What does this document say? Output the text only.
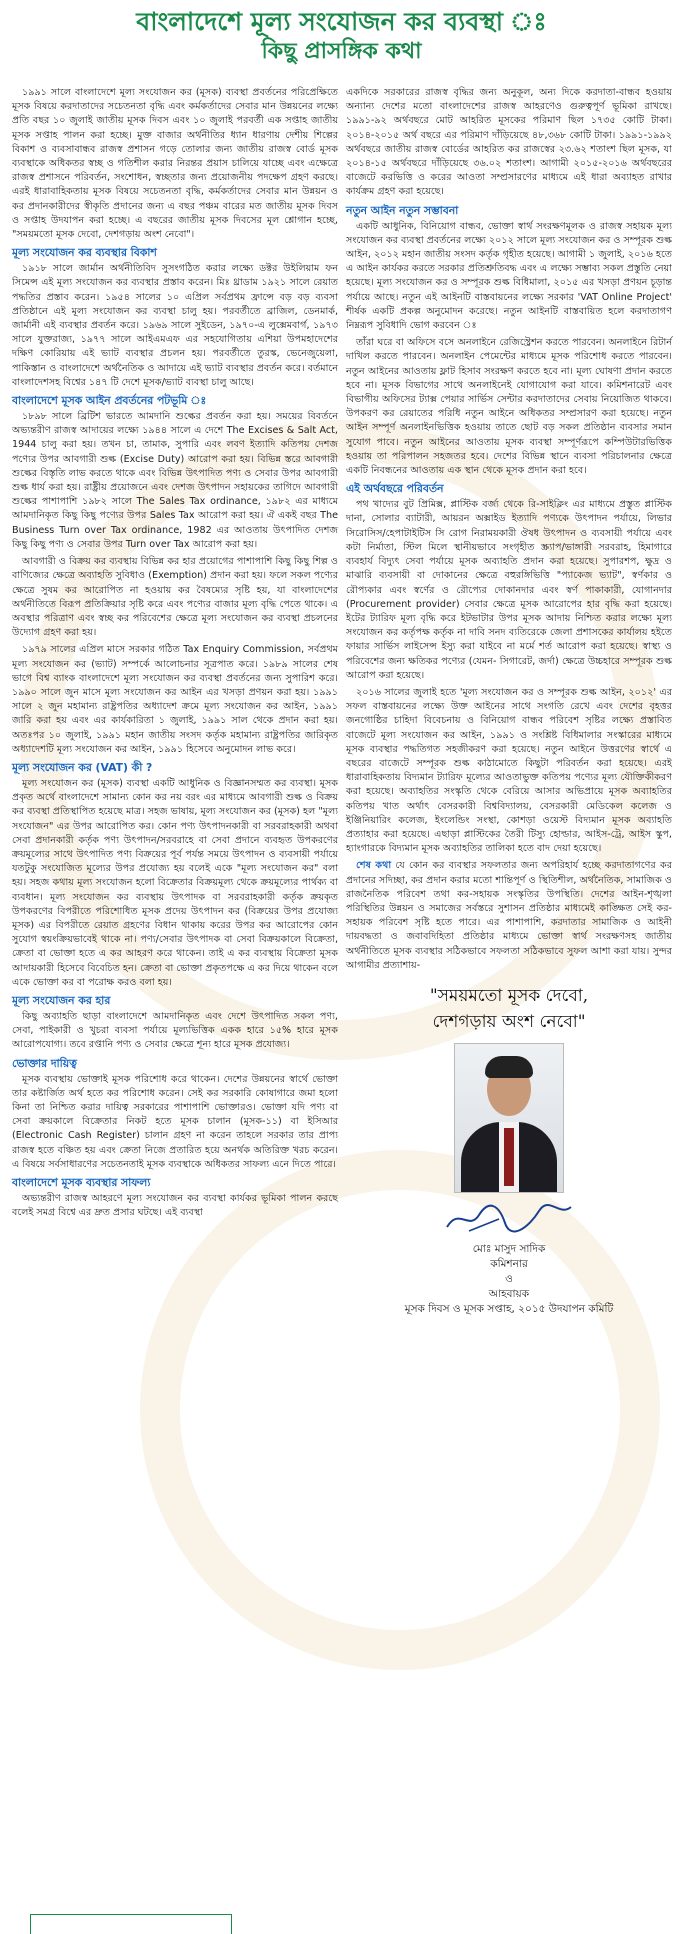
বাংলাদেশে মূল্য সংযোজন কর ব্যবস্থা ঃ
কিছু প্রাসঙ্গিক কথা

১৯৯১ সালে বাংলাদেশে মূল্য সংযোজন কর (মূসক) ব্যবস্থা প্রবর্তনের পরিপ্রেক্ষিতে মূসক বিষয়ে করদাতাদের সচেতনতা বৃদ্ধি এবং কর্মকর্তাদের সেবার মান উন্নয়নের লক্ষ্যে প্রতি বছর ১০ জুলাই জাতীয় মূসক দিবস এবং ১০ জুলাই পরবর্তী এক সপ্তাহ জাতীয় মূসক সপ্তাহ পালন করা হচ্ছে। মুক্ত বাজার অর্থনীতির ধ্যান ধারণায় দেশীয় শিল্পের বিকাশ ও ব্যবসাবান্ধব রাজস্ব প্রশাসন গড়ে তোলার জন্য জাতীয় রাজস্ব বোর্ড মূসক ব্যবস্থাকে অধিকতর স্বচ্ছ ও গতিশীল করার নিরন্তর প্রয়াস চালিয়ে যাচ্ছে এবং এক্ষেত্রে রাজস্ব প্রশাসনে পরিবর্তন, সংশোধন, স্বচ্ছতার জন্য প্রয়োজনীয় পদক্ষেপ গ্রহণ করছে। এরই ধারাবাহিকতায় মূসক বিষয়ে সচেতনতা বৃদ্ধি, কর্মকর্তাদের সেবার মান উন্নয়ন ও কর প্রদানকারীদের স্বীকৃতি প্রদানের জন্য এ বছর পঞ্চম বারের মত জাতীয় মূসক দিবস ও সপ্তাহ উদযাপন করা হচ্ছে। এ বছরের জাতীয় মূসক দিবসের মূল শ্লোগান হচ্ছে, "সময়মতো মূসক দেবো, দেশগড়ায় অংশ নেবো"।

মূল্য সংযোজন কর ব্যবস্থার বিকাশ

১৯১৮ সালে জার্মান অর্থনীতিবিদ সুসংগঠিত করার লক্ষ্যে ডক্টর উইলিয়াম ফন সিমেন্স এই মূল্য সংযোজন কর ব্যবস্থার প্রস্তাব করেন। মিঃ থ্রাডাম ১৯২১ সালে রেয়াত পদ্ধতির প্রস্তাব করেন। ১৯৫৪ সালের ১০ এপ্রিল সর্বপ্রথম ফ্রান্সে বড় বড় ব্যবসা প্রতিষ্ঠানে এই মূল্য সংযোজন কর ব্যবস্থা চালু হয়। পরবর্তীতে ব্রাজিল, ডেনমার্ক, জার্মানী এই ব্যবস্থার প্রবর্তন করে। ১৯৬৯ সালে সুইডেন, ১৯৭০-এ লুক্সেমবার্গ, ১৯৭৩ সালে যুক্তরাজ্য, ১৯৭৭ সালে আইএমএফ এর সহযোগিতায় এশিয়া উপমহাদেশের দক্ষিণ কোরিয়ায় এই ভ্যাট ব্যবস্থার প্রচলন হয়। পরবর্তীতে তুরস্ক, ভেনেজুয়েলা, পাকিস্তান ও বাংলাদেশে অর্থনৈতিক ও আদায়ে এই ভ্যাট ব্যবস্থার প্রবর্তন করে। বর্তমানে বাংলাদেশসহ বিশ্বের ১৪৭ টি দেশে মূসক/ভ্যাট ব্যবস্থা চালু আছে।

বাংলাদেশে মূসক আইন প্রবর্তনের পটভূমি ঃ

১৮৯৮ সালে ব্রিটিশ ভারতে আমদানি শুল্কের প্রবর্তন করা হয়। সময়ের বিবর্তনে অভ্যন্তরীণ রাজস্ব আদায়ের লক্ষ্যে ১৯৪৪ সালে এ দেশে The Excises & Salt Act, 1944 চালু করা হয়। তখন চা, তামাক, সুপারি এবং লবণ ইত্যাদি কতিপয় দেশজ পণ্যের উপর আবগারী শুল্ক (Excise Duty) আরোপ করা হয়। বিভিন্ন স্তরে আবগারী শুল্কের বিস্তৃতি লাভ করতে থাকে এবং বিভিন্ন উৎপাদিত পণ্য ও সেবার উপর আবগারী শুল্ক ধার্য করা হয়। রাষ্ট্রীয় প্রয়োজনে এবং দেশজ উৎপাদন সহায়কের তাগিদে আবগারী শুল্কের পাশাপাশি ১৯৮২ সালে The Sales Tax ordinance, ১৯৮২ এর মাধ্যমে আমদানিকৃত কিছু কিছু পণ্যের উপর Sales Tax আরোপ করা হয়। ঐ একই বছর The Business Turn over Tax ordinance, 1982 এর আওতায় উৎপাদিত দেশজ কিছু কিছু পণ্য ও সেবার উপর Turn over Tax আরোপ করা হয়।

আবগারী ও বিক্রয় কর ব্যবস্থায় বিভিন্ন কর হার প্রয়োগের পাশাপাশি কিছু কিছু শিল্প ও বাণিজ্যের ক্ষেত্রে অব্যাহতি সুবিধাও (Exemption) প্রদান করা হয়। ফলে সকল পণ্যের ক্ষেত্রে সুষম কর আরোপিত না হওয়ায় কর বৈষম্যের সৃষ্টি হয়, যা বাংলাদেশের অর্থনীতিতে বিরূপ প্রতিক্রিয়ার সৃষ্টি করে এবং পণ্যের বাজার মূল্য বৃদ্ধি পেতে থাকে। এ অবস্থার পরিত্রাণ এবং স্বচ্ছ কর পরিবেশের ক্ষেত্রে মূল্য সংযোজন কর ব্যবস্থা প্রচলনের উদ্যোগ গ্রহণ করা হয়।

১৯৭৯ সালের এপ্রিল মাসে সরকার গঠিত Tax Enquiry Commission, সর্বপ্রথম মূল্য সংযোজন কর (ভ্যাট) সম্পর্কে আলোচনার সূত্রপাত করে। ১৯৮৯ সালের শেষ ভাগে বিশ্ব ব্যাংক বাংলাদেশে মূল্য সংযোজন কর ব্যবস্থা প্রবর্তনের জন্য সুপারিশ করে। ১৯৯০ সালে জুন মাসে মূল্য সংযোজন কর আইন এর খসড়া প্রণয়ন করা হয়। ১৯৯১ সালে ২ জুন মহামান্য রাষ্ট্রপতির অধ্যাদেশ ক্রমে মূল্য সংযোজন কর আইন, ১৯৯১ জারি করা হয় এবং এর কার্যকারিতা ১ জুলাই, ১৯৯১ সাল থেকে প্রদান করা হয়। অতঃপর ১০ জুলাই, ১৯৯১ মহান জাতীয় সংসদ কর্তৃক মহামান্য রাষ্ট্রপতির জারিকৃত অধ্যাদেশটি মূল্য সংযোজন কর আইন, ১৯৯১ হিসেবে অনুমোদন লাভ করে।

মূল্য সংযোজন কর (VAT) কী ?

মূল্য সংযোজন কর (মূসক) ব্যবস্থা একটি আধুনিক ও বিজ্ঞানসম্মত কর ব্যবস্থা। মূসক প্রকৃত অর্থে বাংলাদেশে সামান্য কোন কর নয় বরং এর মাধ্যমে আবগারী শুল্ক ও বিক্রয় কর ব্যবস্থা প্রতিস্থাপিত হয়েছে মাত্র। সহজ ভাষায়, মূল্য সংযোজন কর (মূসক) হল "মূল্য সংযোজন" এর উপর আরোপিত কর। কোন পণ্য উৎপাদনকারী বা সরবরাহকারী অথবা সেবা প্রদানকারী কর্তৃক পণ্য উৎপাদন/সরবরাহে বা সেবা প্রদানে ব্যবহৃত উপকরণের ক্রয়মূল্যের সাথে উৎপাদিত পণ্য বিক্রয়ের পূর্ব পর্যন্ত সময়ে উৎপাদন ও ব্যবসায়ী পর্যায়ে যতটুকু সংযোজিত মূল্যের উপর প্রযোজ্য হয় বলেই একে "মূল্য সংযোজন কর" বলা হয়। সহজ কথায় মূল্য সংযোজন হলো বিক্রেতার বিক্রয়মূল্য থেকে ক্রয়মূল্যের পার্থক্য বা ব্যবধান। মূল্য সংযোজন কর ব্যবস্থায় উৎপাদক বা সরবরাহকারী কর্তৃক ক্রয়কৃত উপকরণের বিপরীতে পরিশোধিত মূসক প্রদেয় উৎপাদন কর (বিক্রয়ের উপর প্রযোজ্য মূসক) এর বিপরীতে রেয়াত গ্রহণের বিধান থাকায় করের উপর কর আরোপের কোন সুযোগ স্বয়ংক্রিয়ভাবেই থাকে না। পণ্য/সেবার উৎপাদক বা সেবা বিক্রয়কালে বিক্রেতা, ক্রেতা বা ভোক্তা হতে এ কর আহরণ করে থাকেন। তাই এ কর ব্যবস্থায় বিক্রেতা মূসক আদায়কারী হিসেবে বিবেচিত হন। ক্রেতা বা ভোক্তা প্রকৃতপক্ষে এ কর দিয়ে থাকেন বলে একে ভোক্তা কর বা পরোক্ষ করও বলা হয়।

মূল্য সংযোজন কর হার

কিছু অব্যাহতি ছাড়া বাংলাদেশে আমদানিকৃত এবং দেশে উৎপাদিত সকল পণ্য, সেবা, পাইকারী ও খুচরা ব্যবসা পর্যায়ে মূল্যভিত্তিক একক হারে ১৫% হারে মূসক আরোপযোগ্য। তবে রপ্তানি পণ্য ও সেবার ক্ষেত্রে শূন্য হারে মূসক প্রযোজ্য।

ভোক্তার দায়িত্ব

মূসক ব্যবস্থায় ভোক্তাই মূসক পরিশোধ করে থাকেন। দেশের উন্নয়নের স্বার্থে ভোক্তা তার কষ্টার্জিত অর্থ হতে কর পরিশোধ করেন। সেই কর সরকারি কোষাগারে জমা হলো কিনা তা নিশ্চিত করার দায়িত্ব সরকারের পাশাপাশি ভোক্তারও। ভোক্তা যদি পণ্য বা সেবা ক্রয়কালে বিক্রেতার নিকট হতে মূসক চালান (মূসক-১১) বা ইসিআর (Electronic Cash Register) চালান গ্রহণ না করেন তাহলে সরকার তার প্রাপ্য রাজস্ব হতে বঞ্চিত হয় এবং ক্রেতা নিজে প্রতারিত হয়ে অনর্থক অতিরিক্ত খরচ করেন। এ বিষয়ে সর্বসাধারণের সচেতনতাই মূসক ব্যবস্থাকে অধিকতর সাফল্য এনে দিতে পারে।

বাংলাদেশে মূসক ব্যবস্থার সাফল্য

অভ্যন্তরীণ রাজস্ব আহরণে মূল্য সংযোজন কর ব্যবস্থা কার্যকর ভূমিকা পালন করছে বলেই সমগ্র বিশ্বে এর দ্রুত প্রসার ঘটছে। এই ব্যবস্থা

একদিকে সরকারের রাজস্ব বৃদ্ধির জন্য অনুকূল, অন্য দিকে করদাতা-বান্ধব হওয়ায় অন্যান্য দেশের মতো বাংলাদেশের রাজস্ব আহরণেও গুরুত্বপূর্ণ ভূমিকা রাখছে। ১৯৯১-৯২ অর্থবছরে মোট আহরিত মূসকের পরিমাণ ছিল ১৭৩৫ কোটি টাকা। ২০১৪-২০১৫ অর্থ বছরে এর পরিমাণ দাঁড়িয়েছে ৪৮,৩৬৮ কোটি টাকা। ১৯৯১-১৯৯২ অর্থবছরে জাতীয় রাজস্ব বোর্ডের আহরিত কর রাজস্বের ২৩.৬২ শতাংশ ছিল মূসক, যা ২০১৪-১৫ অর্থবছরে দাঁড়িয়েছে ৩৬.০২ শতাংশ। আগামী ২০১৫-২০১৬ অর্থবছরের বাজেটে করভিত্তি ও করের আওতা সম্প্রসারণের মাধ্যমে এই ধারা অব্যাহত রাখার কার্যক্রম গ্রহণ করা হয়েছে।

নতুন আইন নতুন সম্ভাবনা

একটি আধুনিক, বিনিয়োগ বান্ধব, ভোক্তা স্বার্থ সংরক্ষণমূলক ও রাজস্ব সহায়ক মূল্য সংযোজন কর ব্যবস্থা প্রবর্তনের লক্ষ্যে ২০১২ সালে মূল্য সংযোজন কর ও সম্পূরক শুল্ক আইন, ২০১২ মহান জাতীয় সংসদ কর্তৃক গৃহীত হয়েছে। আগামী ১ জুলাই, ২০১৬ হতে এ আইন কার্যকর করতে সরকার প্রতিশ্রুতিবদ্ধ এবং এ লক্ষ্যে সম্ভাব্য সকল প্রস্তুতি নেয়া হয়েছে। মূল্য সংযোজন কর ও সম্পূরক শুল্ক বিধিমালা, ২০১৫ এর খসড়া প্রণয়ন চূড়ান্ত পর্যায়ে আছে। নতুন এই আইনটি বাস্তবায়নের লক্ষ্যে সরকার 'VAT Online Project' শীর্ষক একটি প্রকল্প অনুমোদন করেছে। নতুন আইনটি বাস্তবায়িত হলে করদাতাগণ নিম্নরূপ সুবিধাদি ভোগ করবেন ঃ

তাঁরা ঘরে বা অফিসে বসে অনলাইনে রেজিস্ট্রেশন করতে পারবেন। অনলাইনে রিটার্ন দাখিল করতে পারবেন। অনলাইন পেমেন্টের মাধ্যমে মূসক পরিশোধ করতে পারবেন। নতুন আইনের আওতায় ফ্লাট হিসাব সংরক্ষণ করতে হবে না। মূল্য ঘোষণা প্রদান করতে হবে না। মূসক বিভাগের সাথে অনলাইনেই যোগাযোগ করা যাবে। কমিশনারেট এবং বিভাগীয় অফিসের ট্যাক্স পেয়ার সার্ভিস সেন্টার করদাতাদের সেবায় নিয়োজিত থাকবে। উপকরণ কর রেয়াতের পরিধি নতুন আইনে অধিকতর সম্প্রসারণ করা হয়েছে। নতুন আইন সম্পূর্ণ অনলাইনভিত্তিক হওয়ায় তাতে ছোট বড় সকল প্রতিষ্ঠান ব্যবসার সমান সুযোগ পাবে। নতুন আইনের আওতায় মূসক ব্যবস্থা সম্পূর্ণরূপে কম্পিউটারভিত্তিক হওয়ায় তা পরিপালন সহজতর হবে। দেশের বিভিন্ন স্থানে ব্যবসা পরিচালনার ক্ষেত্রে একটি নিবন্ধনের আওতায় এক স্থান থেকে মূসক প্রদান করা হবে।

এই অর্থবছরে পরিবর্তন

পথ খাদ্যের বুট প্রিমিক্স, প্লাস্টিক বর্জ্য থেকে রি-সাইক্লিং এর মাধ্যমে প্রস্তুত প্লাস্টিক দানা, সোলার ব্যাটারী, আয়রন অক্সাইড ইত্যাদি পণ্যকে উৎপাদন পর্যায়ে, লিভার সিরোসিস/হেপাটাইটিস সি রোগ নিরাময়কারী ঔষধ উৎপাদন ও ব্যবসায়ী পর্যায়ে এবং কটা নির্মাতা, স্টিল মিলে স্থানীয়ভাবে সংগৃহীত স্ক্র্যাপ/ভাঙ্গারী সরবরাহ, হিমাগারে ব্যবহার্য বিদ্যুৎ সেবা পর্যায়ে মূসক অব্যাহতি প্রদান করা হয়েছে। সুপারশপ, ক্ষুদ্র ও মাঝারি ব্যবসায়ী বা দোকানের ক্ষেত্রে বহুরঙ্গিভিত্তি "প্যাকেজ ভ্যাট", স্বর্ণকার ও রৌপ্যকার এবং স্বর্ণের ও রৌপ্যের দোকানদার এবং স্বর্ণ পাকাকারী, যোগানদার (Procurement provider) সেবার ক্ষেত্রে মূসক আরোপের হার বৃদ্ধি করা হয়েছে। ইটের ট্যারিফ মূল্য বৃদ্ধি করে ইটভাটার উপর মূসক আদায় নিশ্চিত করার লক্ষ্যে মূল্য সংযোজন কর কর্তৃপক্ষ কর্তৃক না দাবি সনদ ব্যতিরেকে জেলা প্রশাসকের কার্যালয় হইতে ফায়ার সার্ভিস লাইসেন্স ইস্যু করা যাইবে না মর্মে শর্ত আরোপ করা হয়েছে। স্বাস্থ্য ও পরিবেশের জন্য ক্ষতিকর পণ্যের (যেমন- সিগারেট, জর্দা) ক্ষেত্রে উচ্চহারে সম্পূরক শুল্ক আরোপ করা হয়েছে।

২০১৬ সালের জুলাই হতে 'মূল্য সংযোজন কর ও সম্পূরক শুল্ক আইন, ২০১২' এর সফল বাস্তবায়নের লক্ষ্যে উক্ত আইনের সাথে সংগতি রেখে এবং দেশের বৃহত্তর জনগোষ্ঠির চাহিদা বিবেচনায় ও বিনিয়োগ বান্ধব পরিবেশ সৃষ্টির লক্ষ্যে প্রস্তাবিত বাজেটে মূল্য সংযোজন কর আইন, ১৯৯১ ও সংশ্লিষ্ট বিধিমালার সংস্কারের মাধ্যমে মূসক ব্যবস্থার পদ্ধতিগত সহজীকরণ করা হয়েছে। নতুন আইনে উত্তরণের স্বার্থে এ বছরের বাজেটে সম্পূরক শুল্ক কাঠামোতে কিছুটা পরিবর্তন করা হয়েছে। এরই ধারাবাহিকতায় বিদ্যমান ট্যারিফ মূল্যের আওতাভুক্ত কতিপয় পণ্যের মূল্য যৌক্তিকীকরণ করা হয়েছে। অব্যাহতির সংস্কৃতি থেকে বেরিয়ে আসার অভিপ্রায়ে মূসক অব্যাহতির কতিপয় খাত অর্থাৎ বেসরকারী বিশ্ববিদ্যালয়, বেসরকারী মেডিকেল কলেজ ও ইঞ্জিনিয়ারিং কলেজ, ইংলেন্ডিং সংস্থা, কোশড়া ওয়েস্ট বিদ্যমান মূসক অব্যাহতি প্রত্যাহার করা হয়েছে। এছাড়া প্লাস্টিকের তৈরী টিস্যু হোল্ডার, আইস-ট্রে, আইস স্কুপ, হ্যাংগারকে বিদ্যমান মূসক অব্যাহতির তালিকা হতে বাদ দেয়া হয়েছে।

শেষ কথা যে কোন কর ব্যবস্থার সফলতার জন্য অপরিহার্য হচ্ছে করদাতাগণের কর প্রদানের সদিচ্ছা, কর প্রদান করার মতো শান্তিপূর্ণ ও স্থিতিশীল, অর্থনৈতিক, সামাজিক ও রাজনৈতিক পরিবেশ তথা কর-সহায়ক সংস্কৃতির উপস্থিতি। দেশের আইন-শৃঙ্খলা পরিস্থিতির উন্নয়ন ও সমাজের সর্বস্তরে সুশাসন প্রতিষ্ঠার মাধ্যমেই কাঙ্ক্ষিত সেই কর-সহায়ক পরিবেশ সৃষ্টি হতে পারে। এর পাশাপাশি, করদাতার সামাজিক ও আইনী দায়বদ্ধতা ও জবাবদিহিতা প্রতিষ্ঠার মাধ্যমে ভোক্তা স্বার্থ সংরক্ষণসহ জাতীয় অর্থনীতিতে মূসক ব্যবস্থার সঠিকভাবে সফলতা সঠিকভাবে সুফল আশা করা যায়। সুন্দর আগামীর প্রত্যাশায়-

"সময়মতো মূসক দেবো,
দেশগড়ায় অংশ নেবো"
মোঃ মাসুদ সাদিক
কমিশনার
ও
আহবায়ক
মূসক দিবস ও মূসক সপ্তাহ, ২০১৫ উদযাপন কমিটি
